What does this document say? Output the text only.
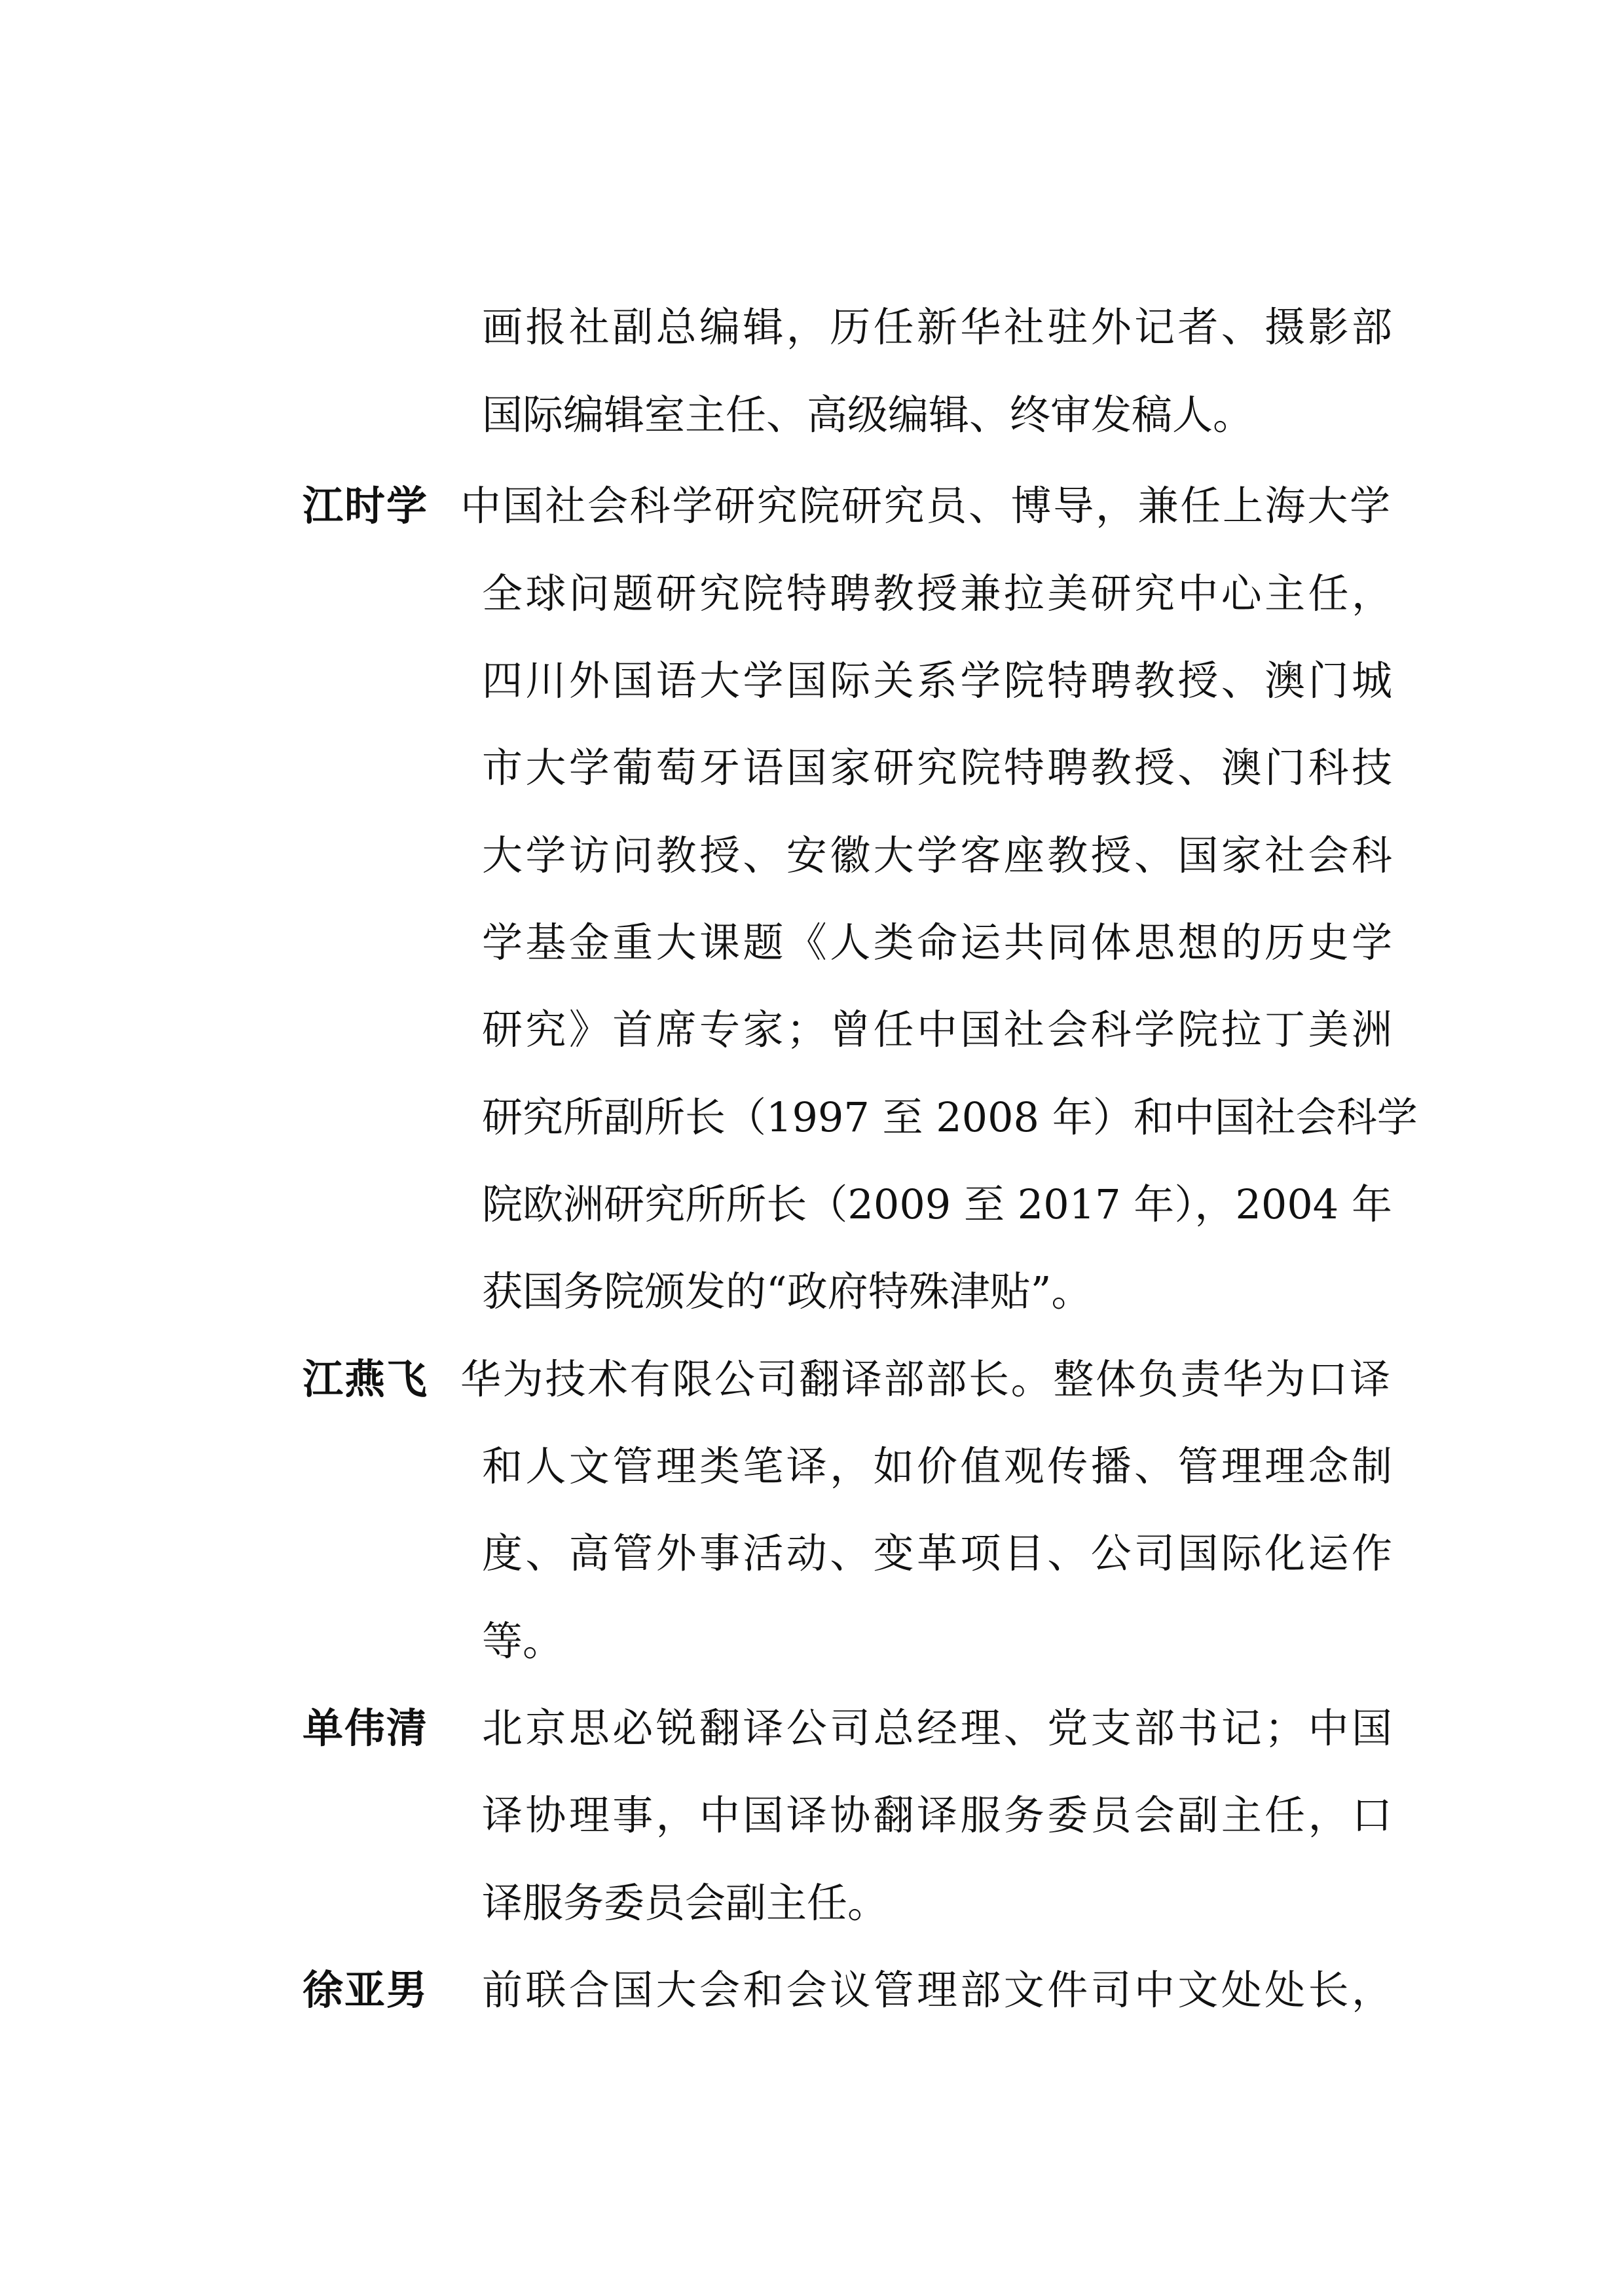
画报社副总编辑，历任新华社驻外记者、摄影部
国际编辑室主任、高级编辑、终审发稿人。
江时学 中国社会科学研究院研究员、博导，兼任上海大学
全球问题研究院特聘教授兼拉美研究中心主任，
四川外国语大学国际关系学院特聘教授、澳门城
市大学葡萄牙语国家研究院特聘教授、澳门科技
大学访问教授、安徽大学客座教授、国家社会科
学基金重大课题《人类命运共同体思想的历史学
研究》首席专家；曾任中国社会科学院拉丁美洲
研究所副所长（1997 至 2008 年）和中国社会科学
院欧洲研究所所长（2009 至 2017 年），2004 年
获国务院颁发的“政府特殊津贴”。
江燕飞 华为技术有限公司翻译部部长。整体负责华为口译
和人文管理类笔译，如价值观传播、管理理念制
度、高管外事活动、变革项目、公司国际化运作
等。
单伟清 北京思必锐翻译公司总经理、党支部书记；中国
译协理事，中国译协翻译服务委员会副主任，口
译服务委员会副主任。
徐亚男 前联合国大会和会议管理部文件司中文处处长，
